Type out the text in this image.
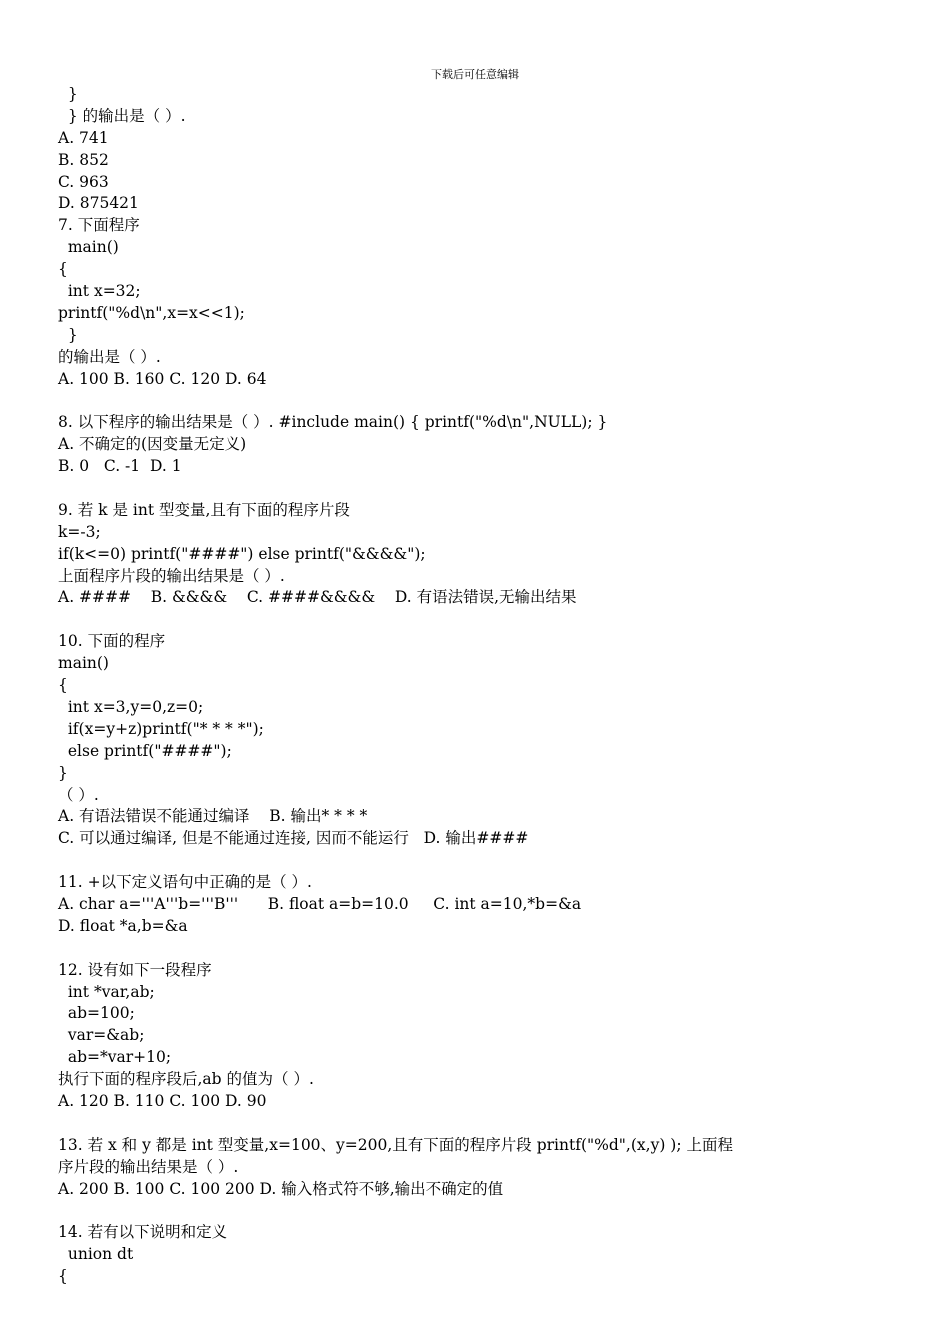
下载后可任意编辑
}
} 的输出是（ ）.
A. 741
B. 852
C. 963
D. 875421
7. 下面程序
main()
{
int x=32;
printf("%d\n",x=x<<1);
}
的输出是（ ）.
A. 100 B. 160 C. 120 D. 64
8. 以下程序的输出结果是（ ）. #include main() { printf("%d\n",NULL); }
A. 不确定的(因变量无定义)
B. 0   C. -1  D. 1
9. 若 k 是 int 型变量,且有下面的程序片段
k=-3;
if(k<=0) printf("####") else printf("&&&&");
上面程序片段的输出结果是（ ）.
A. ####    B. &&&&    C. ####&&&&    D. 有语法错误,无输出结果
10. 下面的程序
main()
{
int x=3,y=0,z=0;
if(x=y+z)printf("* * * *");
else printf("####");
}
（ ）.
A. 有语法错误不能通过编译    B. 输出* * * *
C. 可以通过编译, 但是不能通过连接, 因而不能运行   D. 输出####
11. +以下定义语句中正确的是（ ）.
A. char a='''A'''b='''B'''      B. float a=b=10.0     C. int a=10,*b=&a
D. float *a,b=&a
12. 设有如下一段程序
int *var,ab;
ab=100;
var=&ab;
ab=*var+10;
执行下面的程序段后,ab 的值为（ ）.
A. 120 B. 110 C. 100 D. 90
13. 若 x 和 y 都是 int 型变量,x=100、y=200,且有下面的程序片段 printf("%d",(x,y) ); 上面程
序片段的输出结果是（ ）.
A. 200 B. 100 C. 100 200 D. 输入格式符不够,输出不确定的值
14. 若有以下说明和定义
union dt
{
